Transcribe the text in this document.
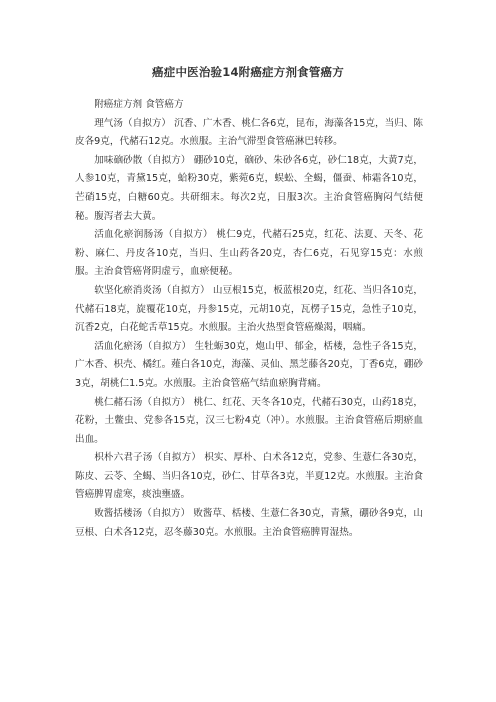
癌症中医治验14附癌症方剂食管癌方

附癌症方剂 食管癌方

理气汤（自拟方） 沉香、广木香、桃仁各6克，昆布，海藻各15克，当归、陈皮各9克，代赭石12克。水煎服。主治气滞型食管癌淋巴转移。

加味硇砂散（自拟方） 硼砂10克，硇砂、朱砂各6克，砂仁18克，大黄7克，人参10克，青黛15克，蛤粉30克，紫菀6克，蜈蚣、全蝎，僵蚕、柿霜各10克，芒硝15克，白糖60克。共研细末。每次2克，日服3次。主治食管癌胸闷气结便秘。腹泻者去大黄。

活血化瘀润肠汤（自拟方） 桃仁9克，代赭石25克，红花、法夏、天冬、花粉、麻仁、丹皮各10克，当归、生山药各20克，杏仁6克，石见穿15克：水煎服。主治食管癌肾阴虚亏，血瘀便秘。

软坚化瘀消炎汤（自拟方） 山豆根15克，板蓝根20克，红花、当归各10克，代赭石18克，旋覆花10克，丹参15克，元胡10克，瓦楞子15克，急性子10克，沉香2克，白花蛇舌草15克。水煎服。主治火热型食管癌燥渴，咽痛。

活血化瘀汤（自拟方） 生牡蛎30克，炮山甲、郁金，栝楼，急性子各15克，广木香、枳壳、橘红。薤白各10克，海藻、灵仙、黑芝藤各20克，丁香6克，硼砂3克，胡桃仁1.5克。水煎服。主治食管癌气结血瘀胸背痛。

桃仁赭石汤（自拟方） 桃仁、红花、天冬各10克，代赭石30克，山药18克，花粉，土鳖虫、党参各15克，汉三七粉4克（冲）。水煎服。主治食管癌后期瘀血出血。

枳朴六君子汤（自拟方） 枳实、厚朴、白术各12克，党参、生薏仁各30克，陈皮、云苓、全蝎、当归各10克，砂仁、甘草各3克，半夏12克。水煎服。主治食管癌脾胃虚寒，痰浊壅盛。

败酱括楼汤（自拟方） 败酱草、栝楼、生薏仁各30克，青黛，硼砂各9克，山豆根、白术各12克，忍冬藤30克。水煎服。主治食管癌脾胃湿热。
